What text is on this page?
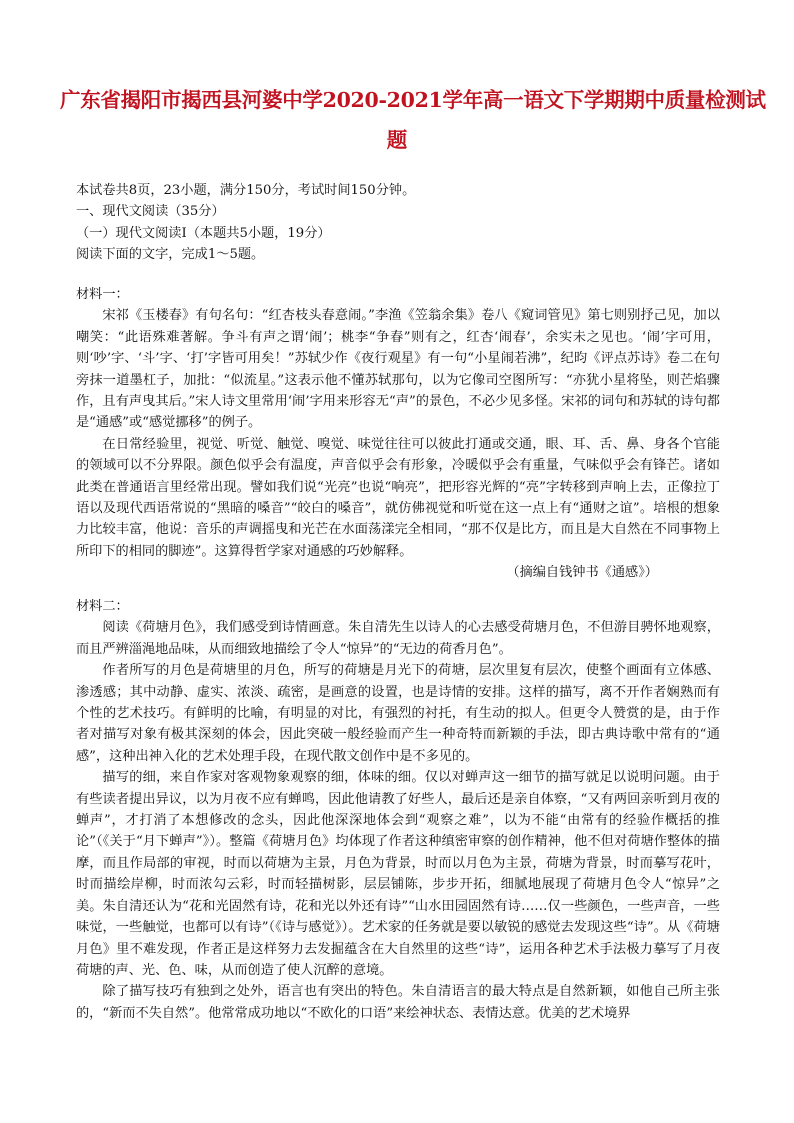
广东省揭阳市揭西县河婆中学2020-2021学年高一语文下学期期中质量检测试
题

本试卷共8页，23小题，满分150分，考试时间150分钟。

一、现代文阅读（35分）

（一）现代文阅读Ⅰ（本题共5小题，19分）

阅读下面的文字，完成1～5题。

材料一：

宋祁《玉楼春》有句名句：“红杏枝头春意闹。”李渔《笠翁余集》卷八《窥词管见》第七则别抒己见，加以嘲笑：“此语殊难著解。争斗有声之谓‘闹’；桃李“争春”则有之，红杏‘闹春’，余实未之见也。‘闹’字可用，则‘吵’字、‘斗’字、‘打’字皆可用矣！”苏轼少作《夜行观星》有一句“小星闹若沸”，纪昀《评点苏诗》卷二在句旁抹一道墨杠子，加批：“似流星。”这表示他不懂苏轼那句，以为它像司空图所写：“亦犹小星将坠，则芒焰骤作，且有声曳其后。”宋人诗文里常用‘闹’字用来形容无“声”的景色，不必少见多怪。宋祁的词句和苏轼的诗句都是“通感”或“感觉挪移”的例子。

在日常经验里，视觉、听觉、触觉、嗅觉、味觉往往可以彼此打通或交通，眼、耳、舌、鼻、身各个官能的领域可以不分界限。颜色似乎会有温度，声音似乎会有形象，冷暖似乎会有重量，气味似乎会有锋芒。诸如此类在普通语言里经常出现。譬如我们说“光亮”也说“响亮”，把形容光辉的“亮”字转移到声响上去，正像拉丁语以及现代西语常说的“黑暗的嗓音”“皎白的嗓音”，就仿佛视觉和听觉在这一点上有“通财之谊”。培根的想象力比较丰富，他说：音乐的声调摇曳和光芒在水面荡漾完全相同，“那不仅是比方，而且是大自然在不同事物上所印下的相同的脚迹”。这算得哲学家对通感的巧妙解释。

（摘编自钱钟书《通感》）

材料二：

阅读《荷塘月色》，我们感受到诗情画意。朱自清先生以诗人的心去感受荷塘月色，不但游目骋怀地观察，而且严辨淄渑地品味，从而细致地描绘了令人“惊异”的“无边的荷香月色”。

作者所写的月色是荷塘里的月色，所写的荷塘是月光下的荷塘，层次里复有层次，使整个画面有立体感、渗透感；其中动静、虚实、浓淡、疏密，是画意的设置，也是诗情的安排。这样的描写，离不开作者娴熟而有个性的艺术技巧。有鲜明的比喻，有明显的对比，有强烈的衬托，有生动的拟人。但更令人赞赏的是，由于作者对描写对象有极其深刻的体会，因此突破一般经验而产生一种奇特而新颖的手法，即古典诗歌中常有的“通感”，这种出神入化的艺术处理手段，在现代散文创作中是不多见的。

描写的细，来自作家对客观物象观察的细，体味的细。仅以对蝉声这一细节的描写就足以说明问题。由于有些读者提出异议，以为月夜不应有蝉鸣，因此他请教了好些人，最后还是亲自体察，“又有两回亲听到月夜的蝉声”，才打消了本想修改的念头，因此他深深地体会到“观察之难”，以为不能“由常有的经验作概括的推论”（《关于“月下蝉声”》）。整篇《荷塘月色》均体现了作者这种缜密审察的创作精神，他不但对荷塘作整体的描摩，而且作局部的审视，时而以荷塘为主景，月色为背景，时而以月色为主景，荷塘为背景，时而摹写花叶，时而描绘岸柳，时而浓勾云彩，时而轻描树影，层层铺陈，步步开拓，细腻地展现了荷塘月色令人“惊异”之美。朱自清还认为“花和光固然有诗，花和光以外还有诗”“山水田园固然有诗……仅一些颜色，一些声音，一些味觉，一些触觉，也都可以有诗”（《诗与感觉》）。艺术家的任务就是要以敏锐的感觉去发现这些“诗”。从《荷塘月色》里不难发现，作者正是这样努力去发掘蕴含在大自然里的这些“诗”，运用各种艺术手法极力摹写了月夜荷塘的声、光、色、味，从而创造了使人沉醉的意境。

除了描写技巧有独到之处外，语言也有突出的特色。朱自清语言的最大特点是自然新颖，如他自己所主张的，“新而不失自然”。他常常成功地以“不欧化的口语”来绘神状态、表情达意。优美的艺术境界
